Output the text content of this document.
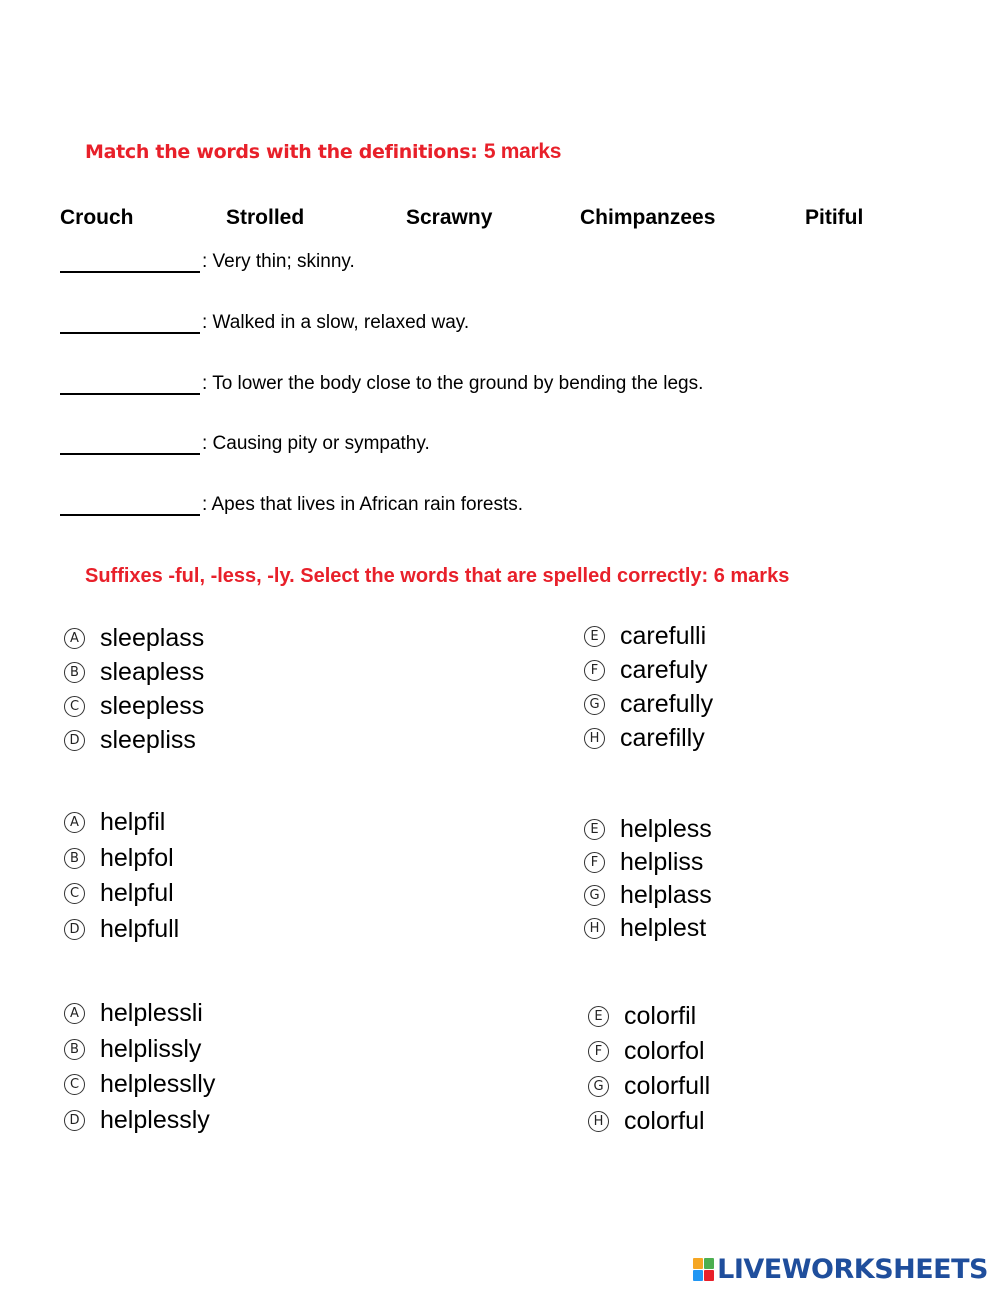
Match the words with the definitions: 5 marks
Crouch	Strolled	Scrawny	Chimpanzees	Pitiful
: Very thin; skinny.
: Walked in a slow, relaxed way.
: To lower the body close to the ground by bending the legs.
: Causing pity or sympathy.
: Apes that lives in African rain forests.
Suffixes -ful, -less, -ly. Select the words that are spelled correctly: 6 marks
A sleeplass
B sleapless
C sleepless
D sleepliss
E carefulli
F carefuly
G carefully
H carefilly
A helpfil
B helpfol
C helpful
D helpfull
E helpless
F helpliss
G helplass
H helplest
A helplessli
B helplissly
C helplesslly
D helplessly
E colorfil
F colorfol
G colorfull
H colorful
LIVEWORKSHEETS
